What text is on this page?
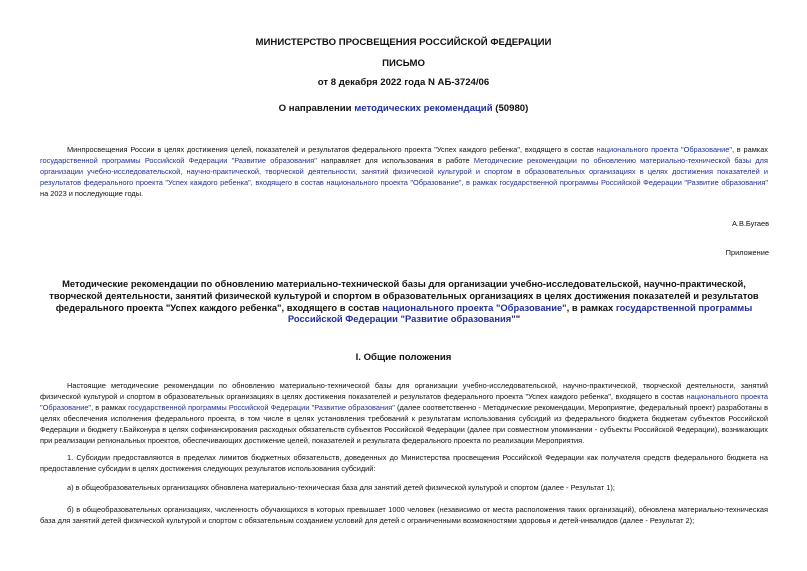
МИНИСТЕРСТВО ПРОСВЕЩЕНИЯ РОССИЙСКОЙ ФЕДЕРАЦИИ
ПИСЬМО
от 8 декабря 2022 года N АБ-3724/06
О направлении методических рекомендаций (50980)
Минпросвещения России в целях достижения целей, показателей и результатов федерального проекта "Успех каждого ребенка", входящего в состав национального проекта "Образование", в рамках государственной программы Российской Федерации "Развитие образования" направляет для использования в работе Методические рекомендации по обновлению материально-технической базы для организации учебно-исследовательской, научно-практической, творческой деятельности, занятий физической культурой и спортом в образовательных организациях в целях достижения показателей и результатов федерального проекта "Успех каждого ребенка", входящего в состав национального проекта "Образование", в рамках государственной программы Российской Федерации "Развитие образования" на 2023 и последующие годы.
А.В.Бугаев
Приложение
Методические рекомендации по обновлению материально-технической базы для организации учебно-исследовательской, научно-практической, творческой деятельности, занятий физической культурой и спортом в образовательных организациях в целях достижения показателей и результатов федерального проекта "Успех каждого ребенка", входящего в состав национального проекта "Образование", в рамках государственной программы Российской Федерации "Развитие образования""
I. Общие положения
Настоящие методические рекомендации по обновлению материально-технической базы для организации учебно-исследовательской, научно-практической, творческой деятельности, занятий физической культурой и спортом в образовательных организациях в целях достижения показателей и результатов федерального проекта "Успех каждого ребенка", входящего в состав национального проекта "Образование", в рамках государственной программы Российской Федерации "Развитие образования" (далее соответственно - Методические рекомендации, Мероприятие, федеральный проект) разработаны в целях обеспечения исполнения федерального проекта, в том числе в целях установления требований к результатам использования субсидий из федерального бюджета бюджетам субъектов Российской Федерации и бюджету г.Байконура в целях софинансирования расходных обязательств субъектов Российской Федерации (далее при совместном упоминании - субъекты Российской Федерации), возникающих при реализации региональных проектов, обеспечивающих достижение целей, показателей и результата федерального проекта по реализации Мероприятия.
1. Субсидии предоставляются в пределах лимитов бюджетных обязательств, доведенных до Министерства просвещения Российской Федерации как получателя средств федерального бюджета на предоставление субсидии в целях достижения следующих результатов использования субсидий:
а) в общеобразовательных организациях обновлена материально-техническая база для занятий детей физической культурой и спортом (далее - Результат 1);
б) в общеобразовательных организациях, численность обучающихся в которых превышает 1000 человек (независимо от места расположения таких организаций), обновлена материально-техническая база для занятий детей физической культурой и спортом с обязательным созданием условий для детей с ограниченными возможностями здоровья и детей-инвалидов (далее - Результат 2);
